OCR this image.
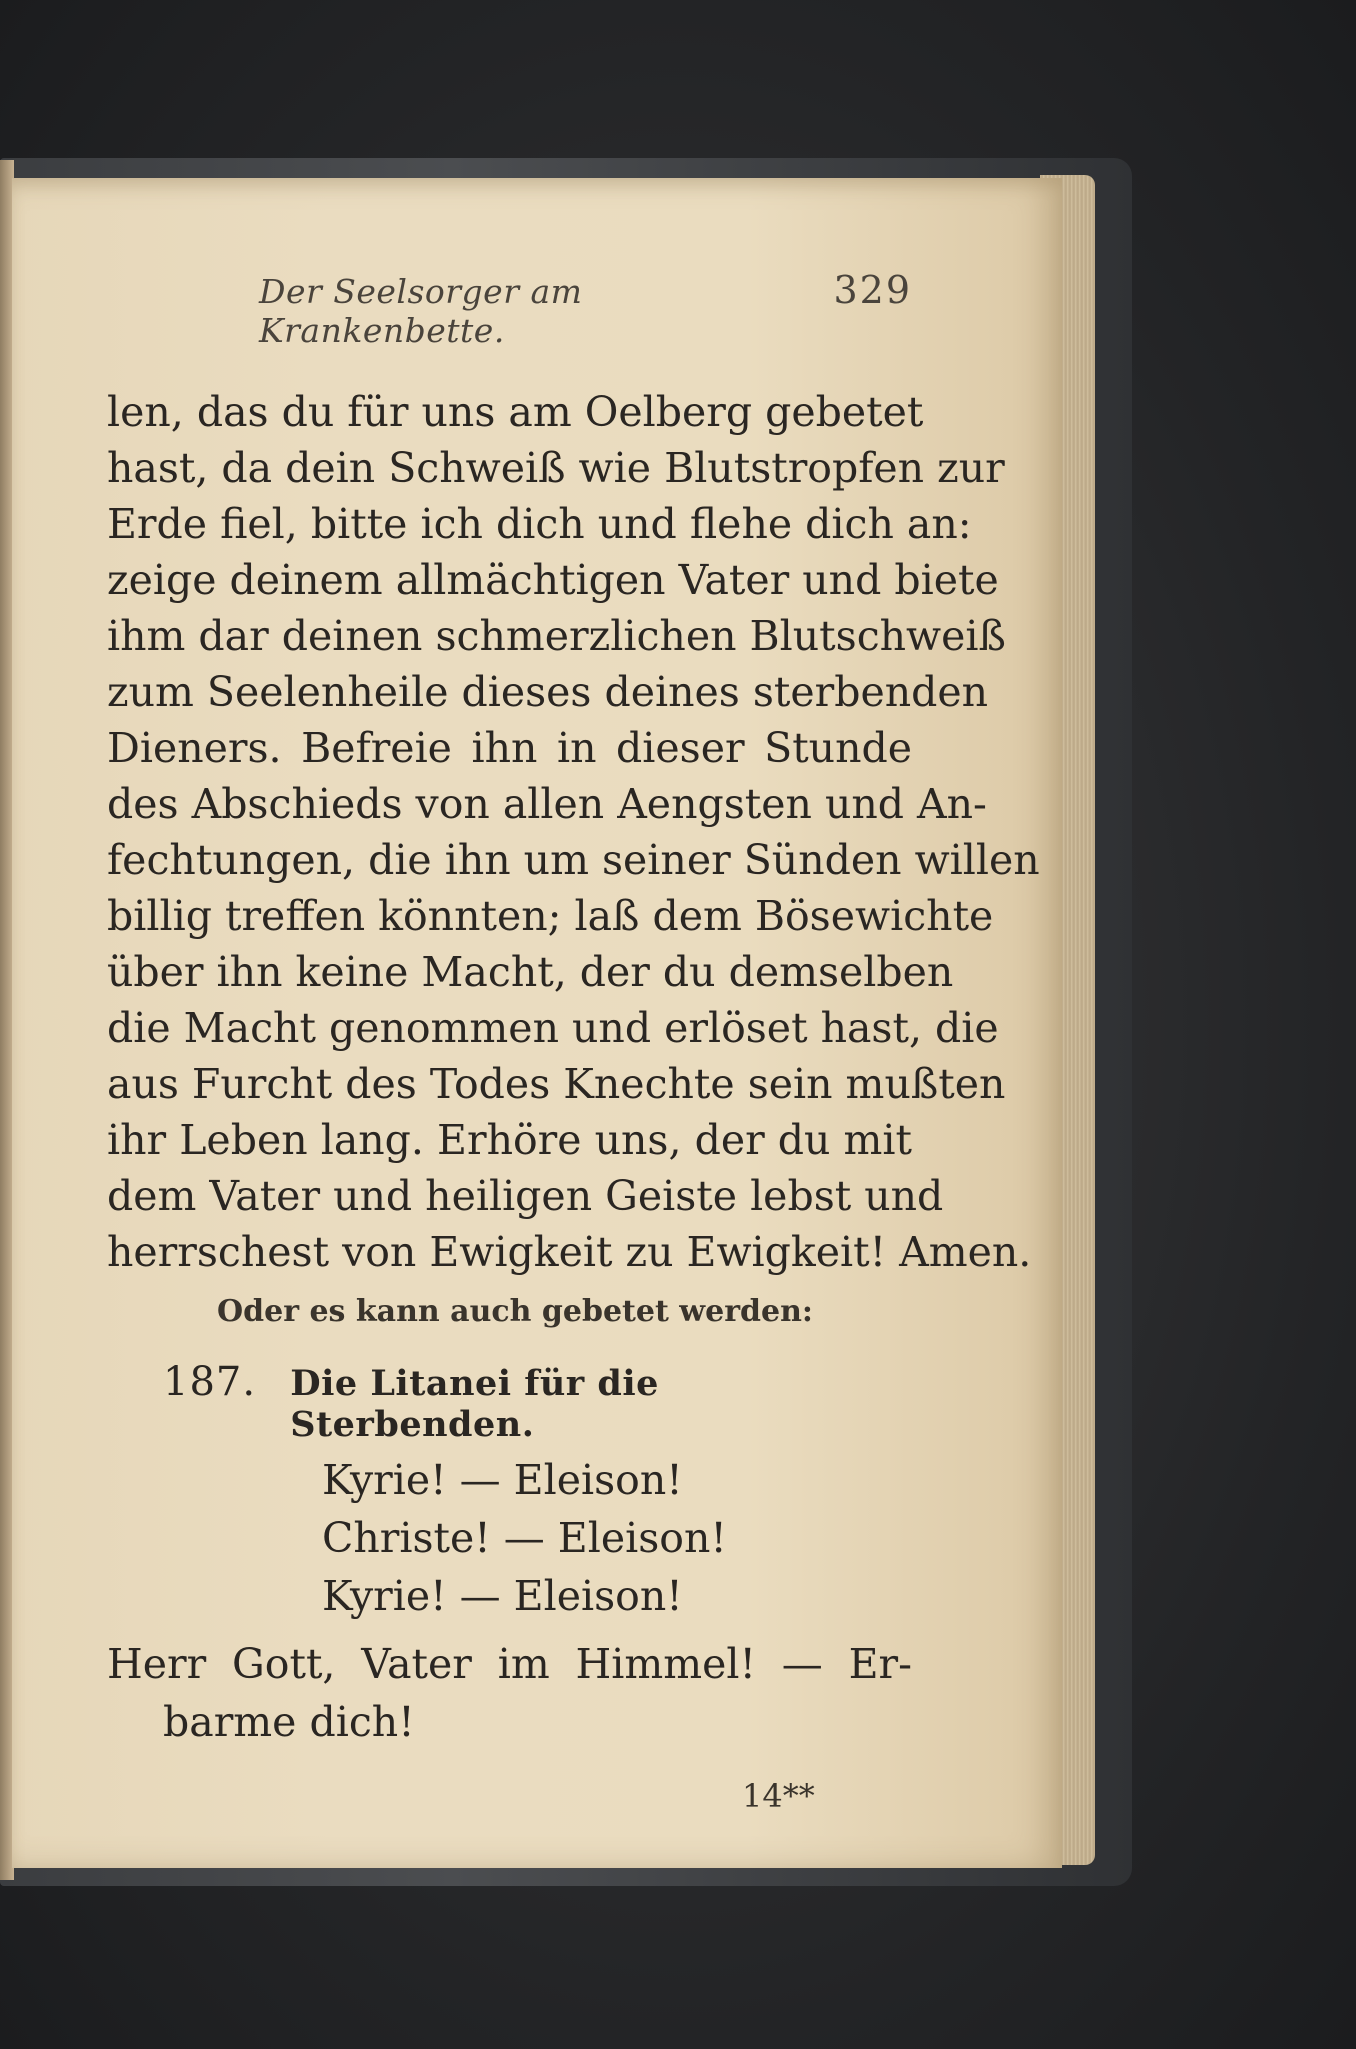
Der Seelsorger am Krankenbette.
329
len, das du für uns am Oelberg gebetet
hast, da dein Schweiß wie Blutstropfen zur
Erde fiel, bitte ich dich und flehe dich an:
zeige deinem allmächtigen Vater und biete
ihm dar deinen schmerzlichen Blutschweiß
zum Seelenheile dieses deines sterbenden
Dieners. Befreie ihn in dieser Stunde
des Abschieds von allen Aengsten und An-
fechtungen, die ihn um seiner Sünden willen
billig treffen könnten; laß dem Bösewichte
über ihn keine Macht, der du demselben
die Macht genommen und erlöset hast, die
aus Furcht des Todes Knechte sein mußten
ihr Leben lang. Erhöre uns, der du mit
dem Vater und heiligen Geiste lebst und
herrschest von Ewigkeit zu Ewigkeit! Amen.
Oder es kann auch gebetet werden:
187. Die Litanei für die Sterbenden.
Kyrie! — Eleison!
Christe! — Eleison!
Kyrie! — Eleison!
Herr Gott, Vater im Himmel! — Er-
barme dich!
14**
